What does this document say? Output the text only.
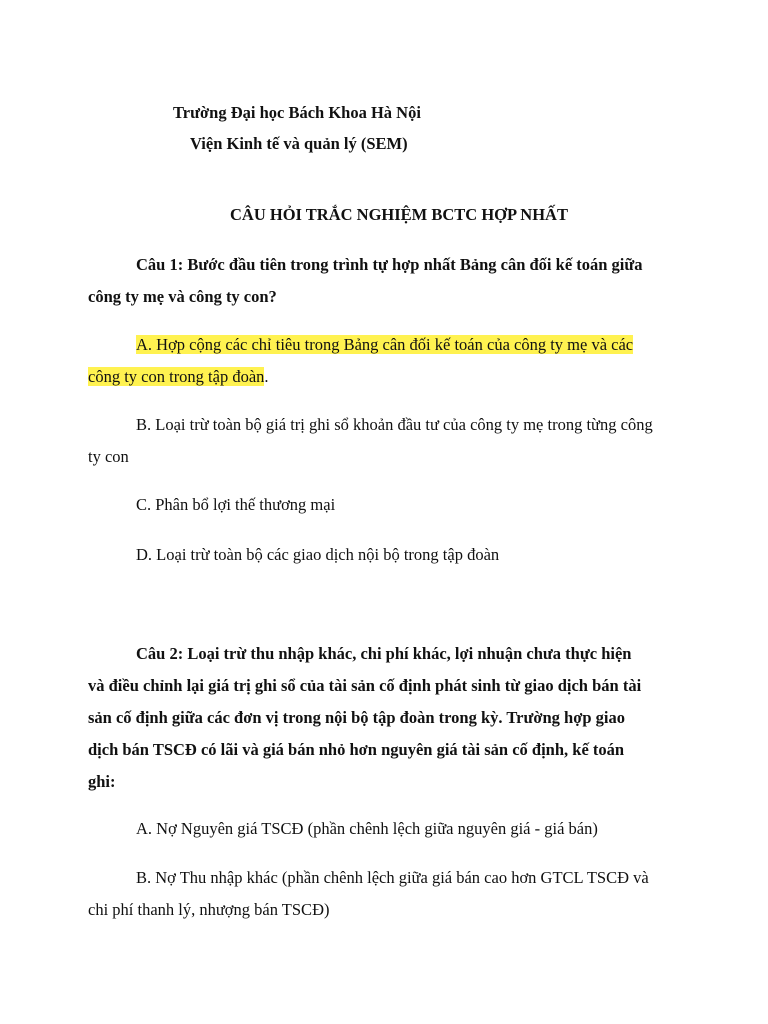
Trường Đại học Bách Khoa Hà Nội
Viện Kinh tế và quản lý (SEM)
CÂU HỎI TRẮC NGHIỆM BCTC HỢP NHẤT
Câu 1: Bước đầu tiên trong trình tự hợp nhất Bảng cân đối kế toán giữa
công ty mẹ và công ty con?
A. Hợp cộng các chỉ tiêu trong Bảng cân đối kế toán của công ty mẹ và các
công ty con trong tập đoàn.
B. Loại trừ toàn bộ giá trị ghi sổ khoản đầu tư của công ty mẹ trong từng công
ty con
C. Phân bổ lợi thế thương mại
D. Loại trừ toàn bộ các giao dịch nội bộ trong tập đoàn
Câu 2: Loại trừ thu nhập khác, chi phí khác, lợi nhuận chưa thực hiện
và điều chỉnh lại giá trị ghi sổ của tài sản cố định phát sinh từ giao dịch bán tài
sản cố định giữa các đơn vị trong nội bộ tập đoàn trong kỳ. Trường hợp giao
dịch bán TSCĐ có lãi và giá bán nhỏ hơn nguyên giá tài sản cố định, kế toán
ghi:
A. Nợ Nguyên giá TSCĐ (phần chênh lệch giữa nguyên giá - giá bán)
B. Nợ Thu nhập khác (phần chênh lệch giữa giá bán cao hơn GTCL TSCĐ và
chi phí thanh lý, nhượng bán TSCĐ)
